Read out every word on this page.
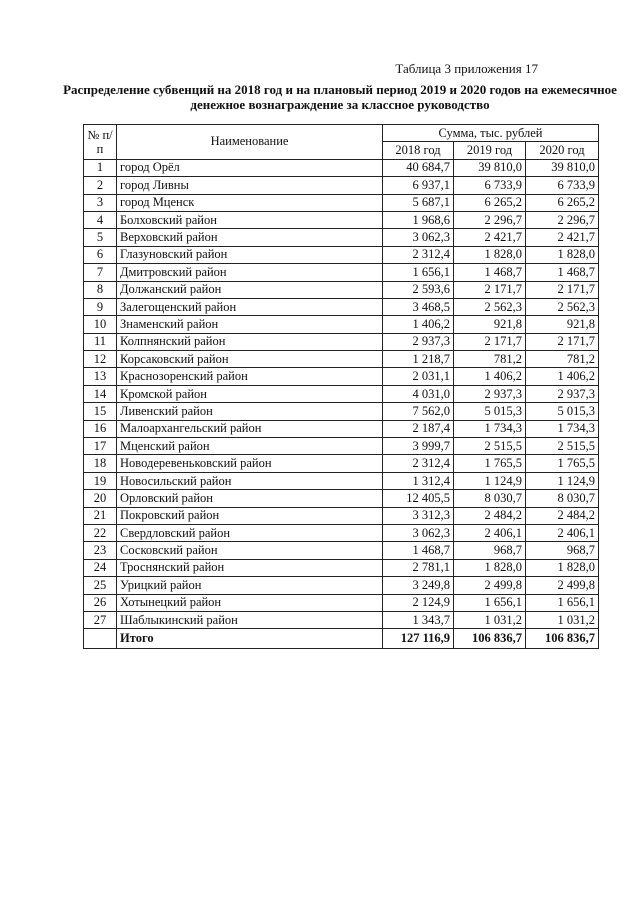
Таблица 3 приложения 17
Распределение субвенций на 2018 год и на плановый период 2019 и 2020 годов на ежемесячное денежное вознаграждение за классное руководство
№ п/п	Наименование	Сумма, тыс. рублей		
		2018 год	2019 год	2020 год
1	город Орёл	40 684,7	39 810,0	39 810,0
2	город Ливны	6 937,1	6 733,9	6 733,9
3	город Мценск	5 687,1	6 265,2	6 265,2
4	Болховский район	1 968,6	2 296,7	2 296,7
5	Верховский район	3 062,3	2 421,7	2 421,7
6	Глазуновский район	2 312,4	1 828,0	1 828,0
7	Дмитровский район	1 656,1	1 468,7	1 468,7
8	Должанский район	2 593,6	2 171,7	2 171,7
9	Залегощенский район	3 468,5	2 562,3	2 562,3
10	Знаменский район	1 406,2	921,8	921,8
11	Колпнянский район	2 937,3	2 171,7	2 171,7
12	Корсаковский район	1 218,7	781,2	781,2
13	Краснозоренский район	2 031,1	1 406,2	1 406,2
14	Кромской район	4 031,0	2 937,3	2 937,3
15	Ливенский район	7 562,0	5 015,3	5 015,3
16	Малоархангельский район	2 187,4	1 734,3	1 734,3
17	Мценский район	3 999,7	2 515,5	2 515,5
18	Новодеревеньковский район	2 312,4	1 765,5	1 765,5
19	Новосильский район	1 312,4	1 124,9	1 124,9
20	Орловский район	12 405,5	8 030,7	8 030,7
21	Покровский район	3 312,3	2 484,2	2 484,2
22	Свердловский район	3 062,3	2 406,1	2 406,1
23	Сосковский район	1 468,7	968,7	968,7
24	Троснянский район	2 781,1	1 828,0	1 828,0
25	Урицкий район	3 249,8	2 499,8	2 499,8
26	Хотынецкий район	2 124,9	1 656,1	1 656,1
27	Шаблыкинский район	1 343,7	1 031,2	1 031,2
	Итого	127 116,9	106 836,7	106 836,7
